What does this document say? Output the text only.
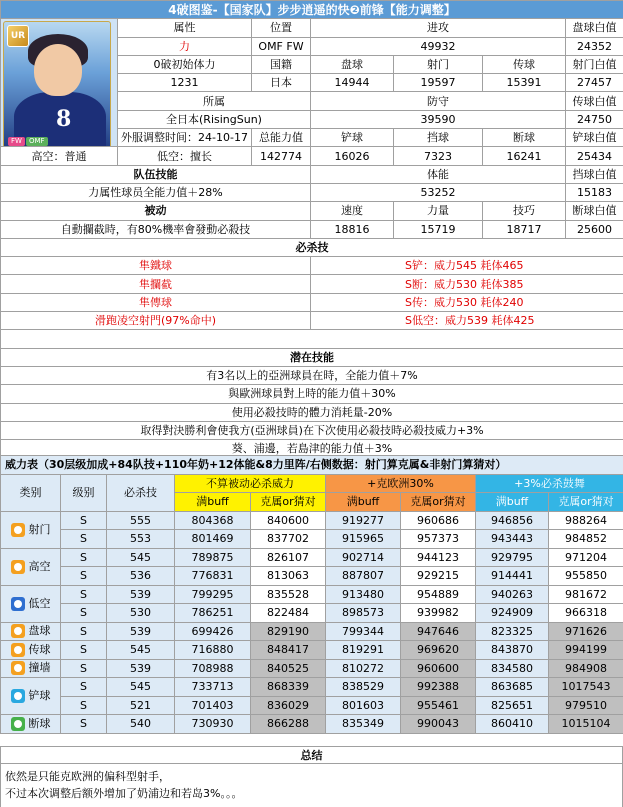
4破图鉴-【国家队】步步逍遥的快❷前锋【能力调整】						

UR
8
FW OMF	属性	位置	进攻			盘球白值
	力	OMF FW	49932			24352
	0破初始体力	国籍	盘球	射门	传球	射门白值
	1231	日本	14944	19597	15391	27457
	所属		防守			传球白值
	全日本(RisingSun)		39590			24750
	外服调整时间：24-10-17	总能力值	铲球	挡球	断球	铲球白值
高空：普通	低空：擅长	142774	16026	7323	16241	25434
队伍技能			体能			挡球白值
力属性球员全能力值＋28%			53252			15183
被动			速度	力量	技巧	断球白值
自動攔截時，有80%機率會發動必殺技			18816	15719	18717	25600
必杀技						
隼鐵球			S铲：威力545 耗体465			
隼攔截			S断：威力530 耗体385			
隼傳球			S传：威力530 耗体240			
滑跑凌空射門(97%命中)			S低空：威力539 耗体425			

潜在技能						
有3名以上的亞洲球員在時，全能力值＋7%						
與歐洲球員對上時的能力值＋30%						
使用必殺技時的體力消耗量-20%						
取得對決勝利會使我方(亞洲球員)在下次使用必殺技時必殺技威力+3%						
葵、浦邊，若島津的能力值＋3%						
威力表（30层级加成+84队技+110年奶+12体能&8力里阵/右侧数据：射门算克属&非射门算猜对）								
类别	级别	必杀技	不算被动必杀威力		+克欧洲30%		+3%必杀鼓舞	
			满buff	克属or猜对	满buff	克属or猜对	满buff	克属or猜对
射门	S	555	804368	840600	919277	960686	946856	988264
	S	553	801469	837702	915965	957373	943443	984852
高空	S	545	789875	826107	902714	944123	929795	971204
	S	536	776831	813063	887807	929215	914441	955850
低空	S	539	799295	835528	913480	954889	940263	981672
	S	530	786251	822484	898573	939982	924909	966318
盘球	S	539	699426	829190	799344	947646	823325	971626
传球	S	545	716880	848417	819291	969620	843870	994199
撞墙	S	539	708988	840525	810272	960600	834580	984908
铲球	S	545	733713	868339	838529	992388	863685	1017543
	S	521	701403	836029	801603	955461	825651	979510
断球	S	540	730930	866288	835349	990043	860410	1015104
总结
依然是只能克欧洲的偏科型射手，
不过本次调整后额外增加了奶浦边和若岛3%。。。
